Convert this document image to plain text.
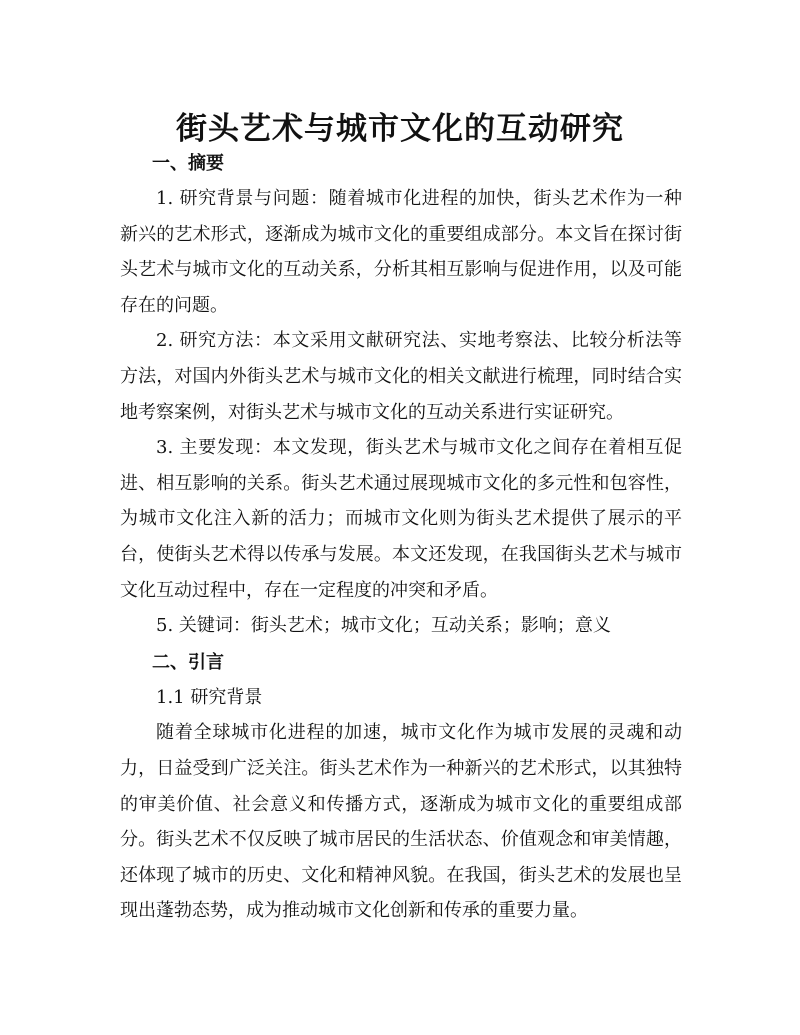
街头艺术与城市文化的互动研究
一、摘要

1. 研究背景与问题：随着城市化进程的加快，街头艺术作为一种新兴的艺术形式，逐渐成为城市文化的重要组成部分。本文旨在探讨街头艺术与城市文化的互动关系，分析其相互影响与促进作用，以及可能存在的问题。

2. 研究方法：本文采用文献研究法、实地考察法、比较分析法等方法，对国内外街头艺术与城市文化的相关文献进行梳理，同时结合实地考察案例，对街头艺术与城市文化的互动关系进行实证研究。

3. 主要发现：本文发现，街头艺术与城市文化之间存在着相互促进、相互影响的关系。街头艺术通过展现城市文化的多元性和包容性，为城市文化注入新的活力；而城市文化则为街头艺术提供了展示的平台，使街头艺术得以传承与发展。本文还发现，在我国街头艺术与城市文化互动过程中，存在一定程度的冲突和矛盾。

5. 关键词：街头艺术；城市文化；互动关系；影响；意义

二、引言

1.1 研究背景

随着全球城市化进程的加速，城市文化作为城市发展的灵魂和动力，日益受到广泛关注。街头艺术作为一种新兴的艺术形式，以其独特的审美价值、社会意义和传播方式，逐渐成为城市文化的重要组成部分。街头艺术不仅反映了城市居民的生活状态、价值观念和审美情趣，还体现了城市的历史、文化和精神风貌。在我国，街头艺术的发展也呈现出蓬勃态势，成为推动城市文化创新和传承的重要力量。
